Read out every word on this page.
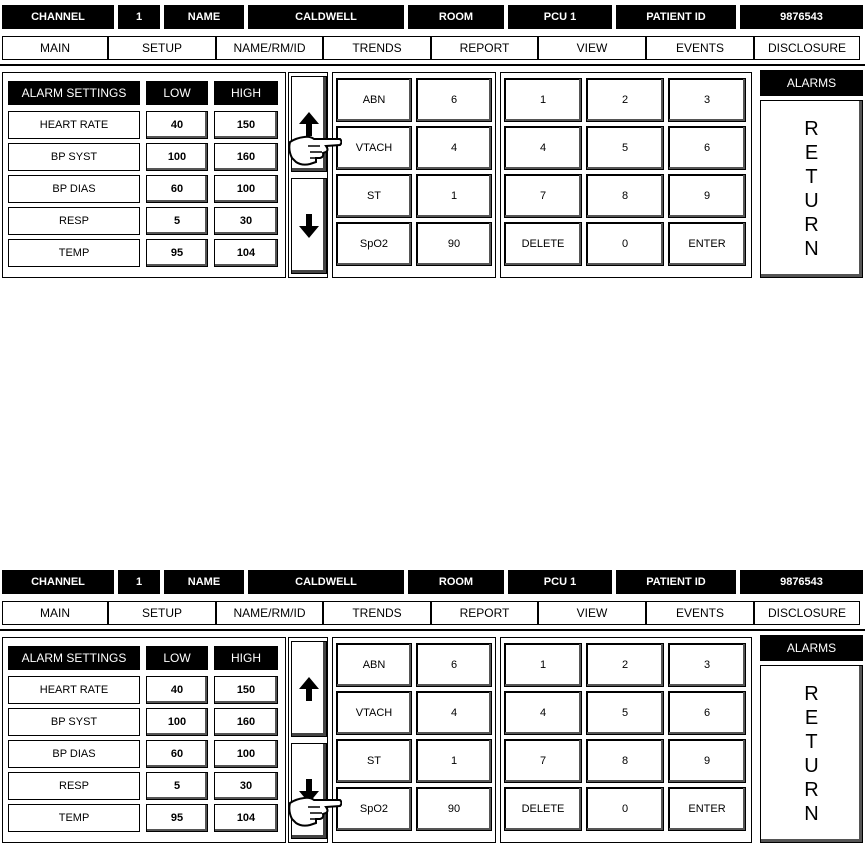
CHANNEL	1	NAME	CALDWELL	ROOM	PCU 1	PATIENT ID	9876543
MAIN	SETUP	NAME/RM/ID	TRENDS	REPORT	VIEW	EVENTS	DISCLOSURE
ALARM SETTINGS	LOW	HIGH
HEART RATE	40	150
BP SYST	100	160
BP DIAS	60	100
RESP	5	30
TEMP	95	104
ABN	6
VTACH	4
ST	1
SpO2	90
1	2	3
4	5	6
7	8	9
DELETE	0	ENTER
ALARMS
R
E
T
U
R
N
CHANNEL	1	NAME	CALDWELL	ROOM	PCU 1	PATIENT ID	9876543
MAIN	SETUP	NAME/RM/ID	TRENDS	REPORT	VIEW	EVENTS	DISCLOSURE
ALARM SETTINGS	LOW	HIGH
HEART RATE	40	150
BP SYST	100	160
BP DIAS	60	100
RESP	5	30
TEMP	95	104
ABN	6
VTACH	4
ST	1
SpO2	90
1	2	3
4	5	6
7	8	9
DELETE	0	ENTER
ALARMS
R
E
T
U
R
N
